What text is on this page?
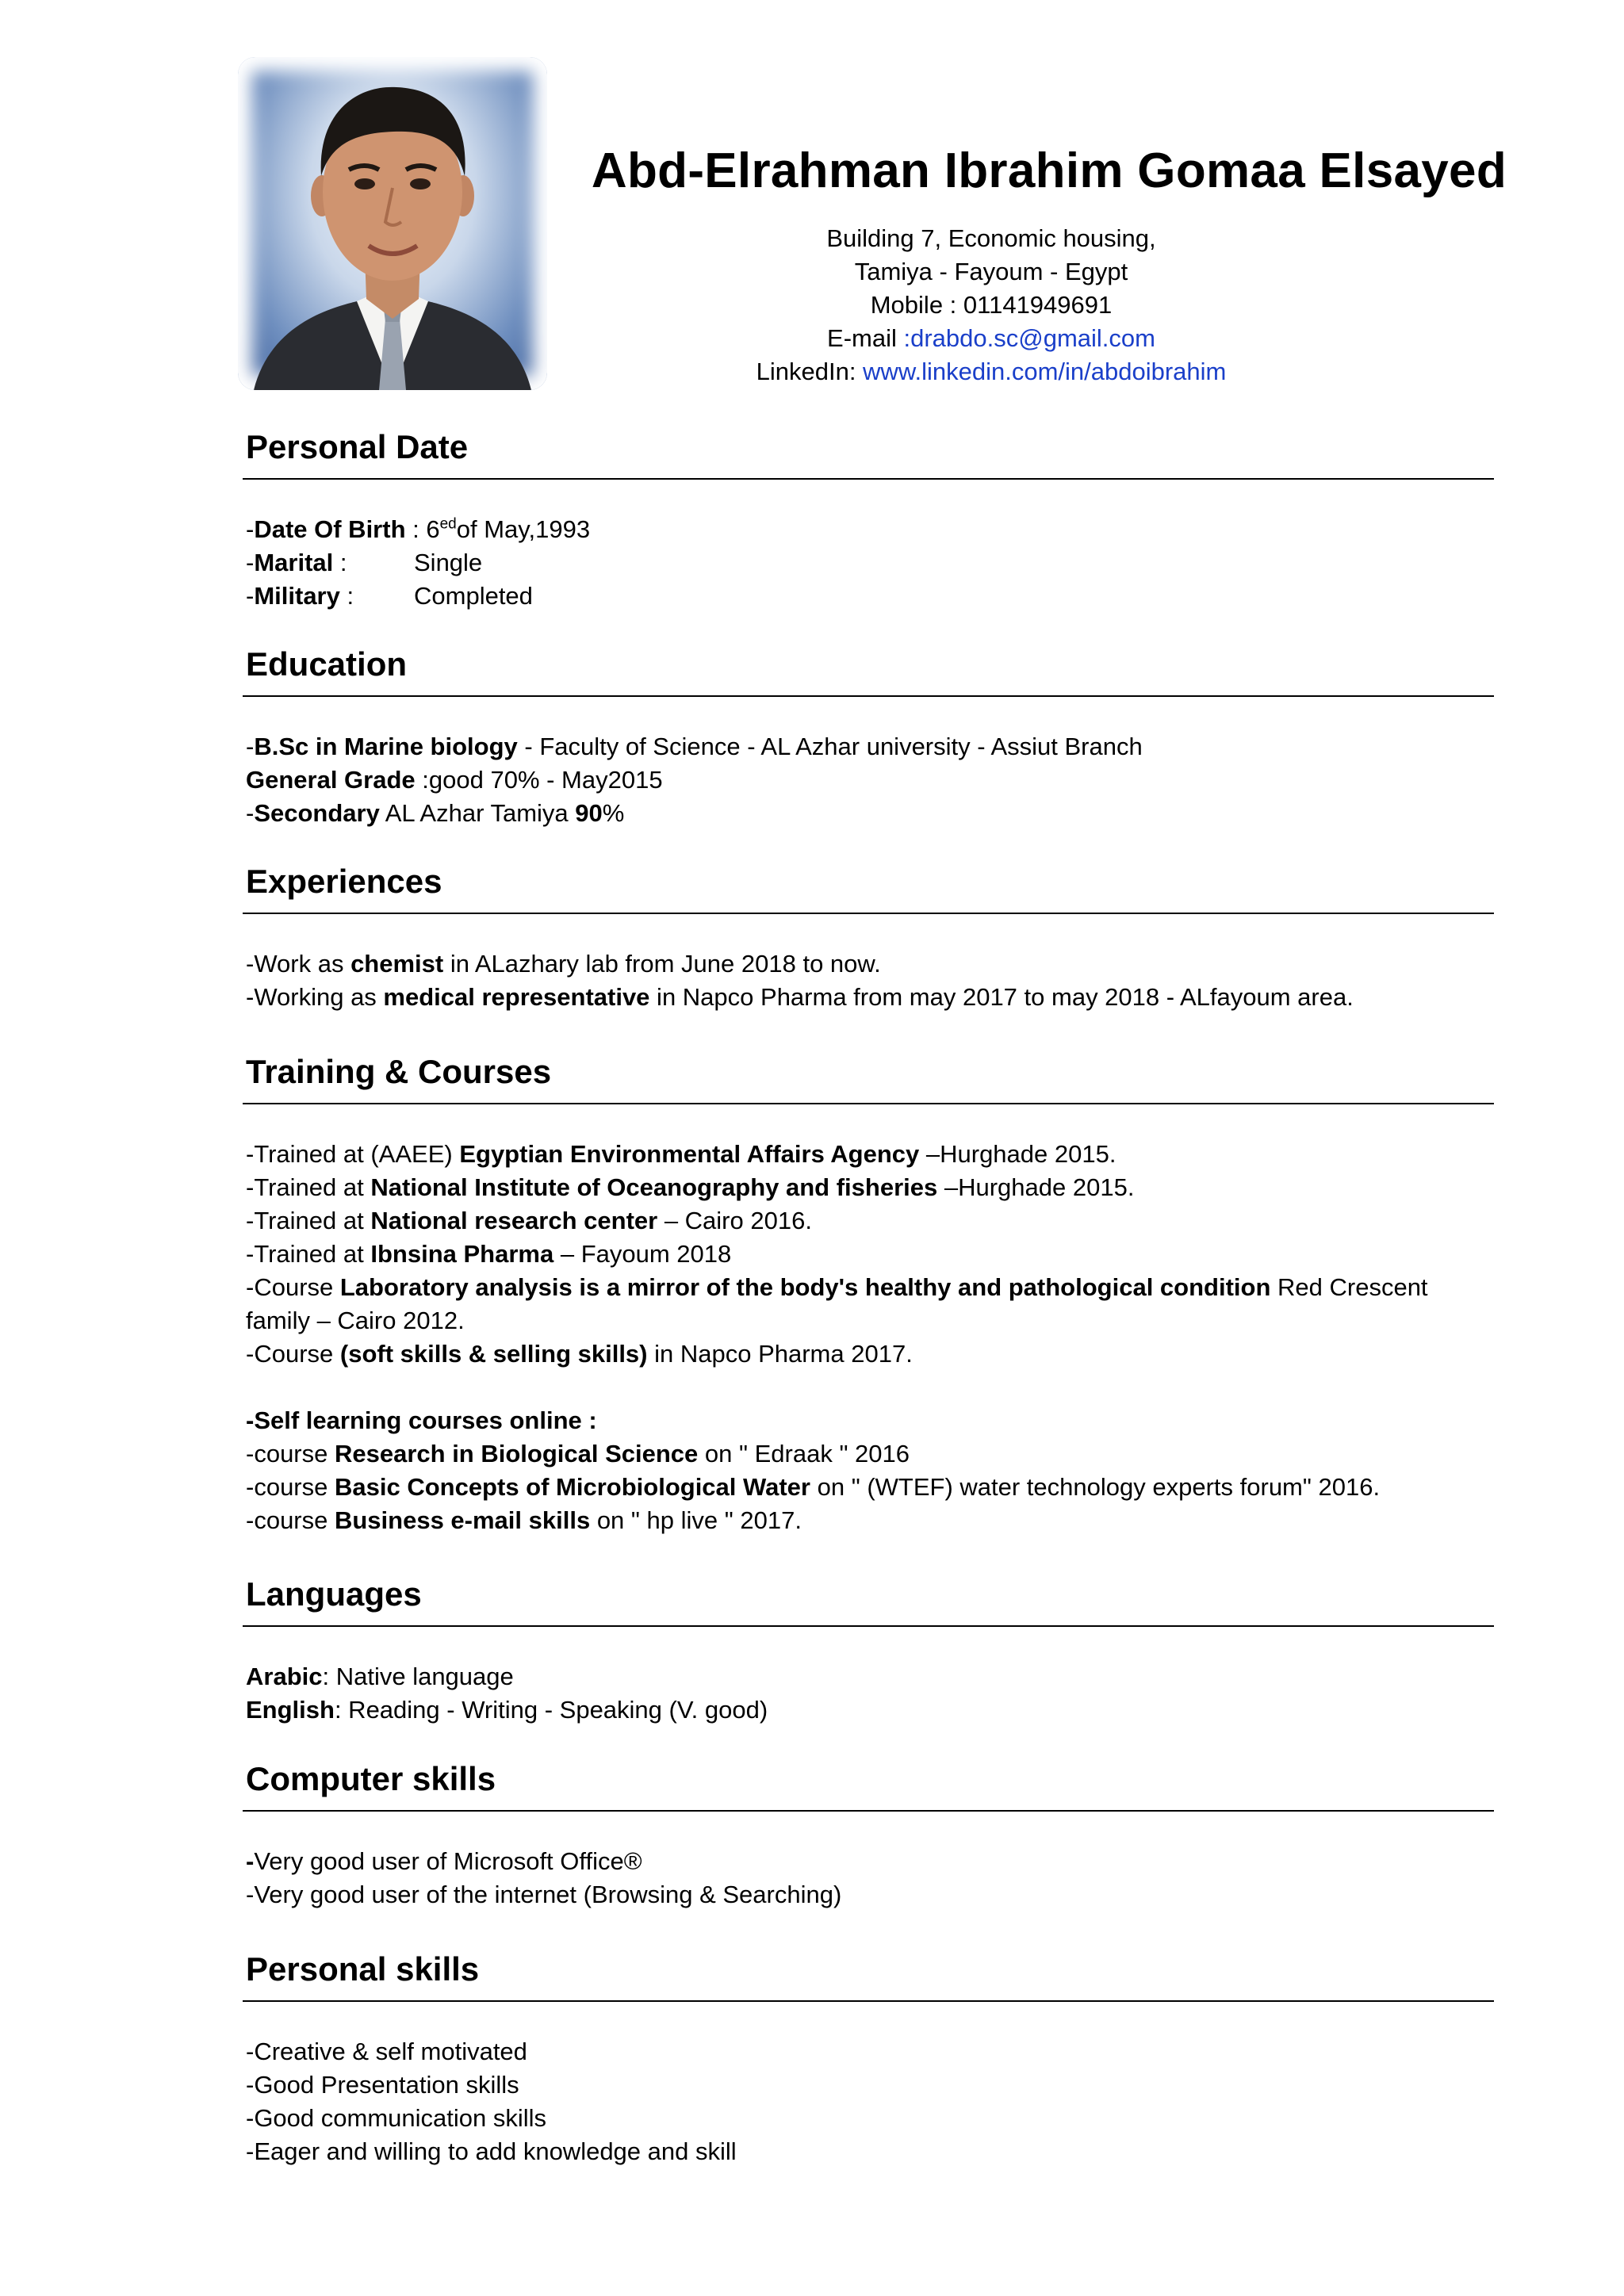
Abd-Elrahman Ibrahim Gomaa Elsayed
Building 7, Economic housing,
Tamiya - Fayoum - Egypt
Mobile : 01141949691
E-mail :drabdo.sc@gmail.com
LinkedIn: www.linkedin.com/in/abdoibrahim
Personal Date
-Date Of Birth : $6^{ed}of$ May,1993
-Marital :	Single
-Military : Completed
Education
-B.Sc in Marine biology - Faculty of Science - AL Azhar university - Assiut Branch
General Grade :good 70% - May2015
-Secondary AL Azhar Tamiya 90%
Experiences
-Work as chemist in ALazhary lab from June 2018 to now.
-Working as medical representative in Napco Pharma from may 2017 to may 2018 - ALfayoum area.
Training & Courses
-Trained at (AAEE) Egyptian Environmental Affairs Agency –Hurghade 2015.
-Trained at National Institute of Oceanography and fisheries –Hurghade 2015.
-Trained at National research center – Cairo 2016.
-Trained at Ibnsina Pharma – Fayoum 2018
-Course Laboratory analysis is a mirror of the body's healthy and pathological condition Red Crescent family – Cairo 2012.
-Course (soft skills & selling skills) in Napco Pharma 2017.
-Self learning courses online :
-course Research in Biological Science on " Edraak " 2016
-course Basic Concepts of Microbiological Water on " (WTEF) water technology experts forum" 2016.
-course Business e-mail skills on " hp live " 2017.
Languages
Arabic: Native language
English: Reading - Writing - Speaking (V. good)
Computer skills
-Very good user of Microsoft Office®
-Very good user of the internet (Browsing & Searching)
Personal skills
-Creative & self motivated
-Good Presentation skills
-Good communication skills
-Eager and willing to add knowledge and skill
